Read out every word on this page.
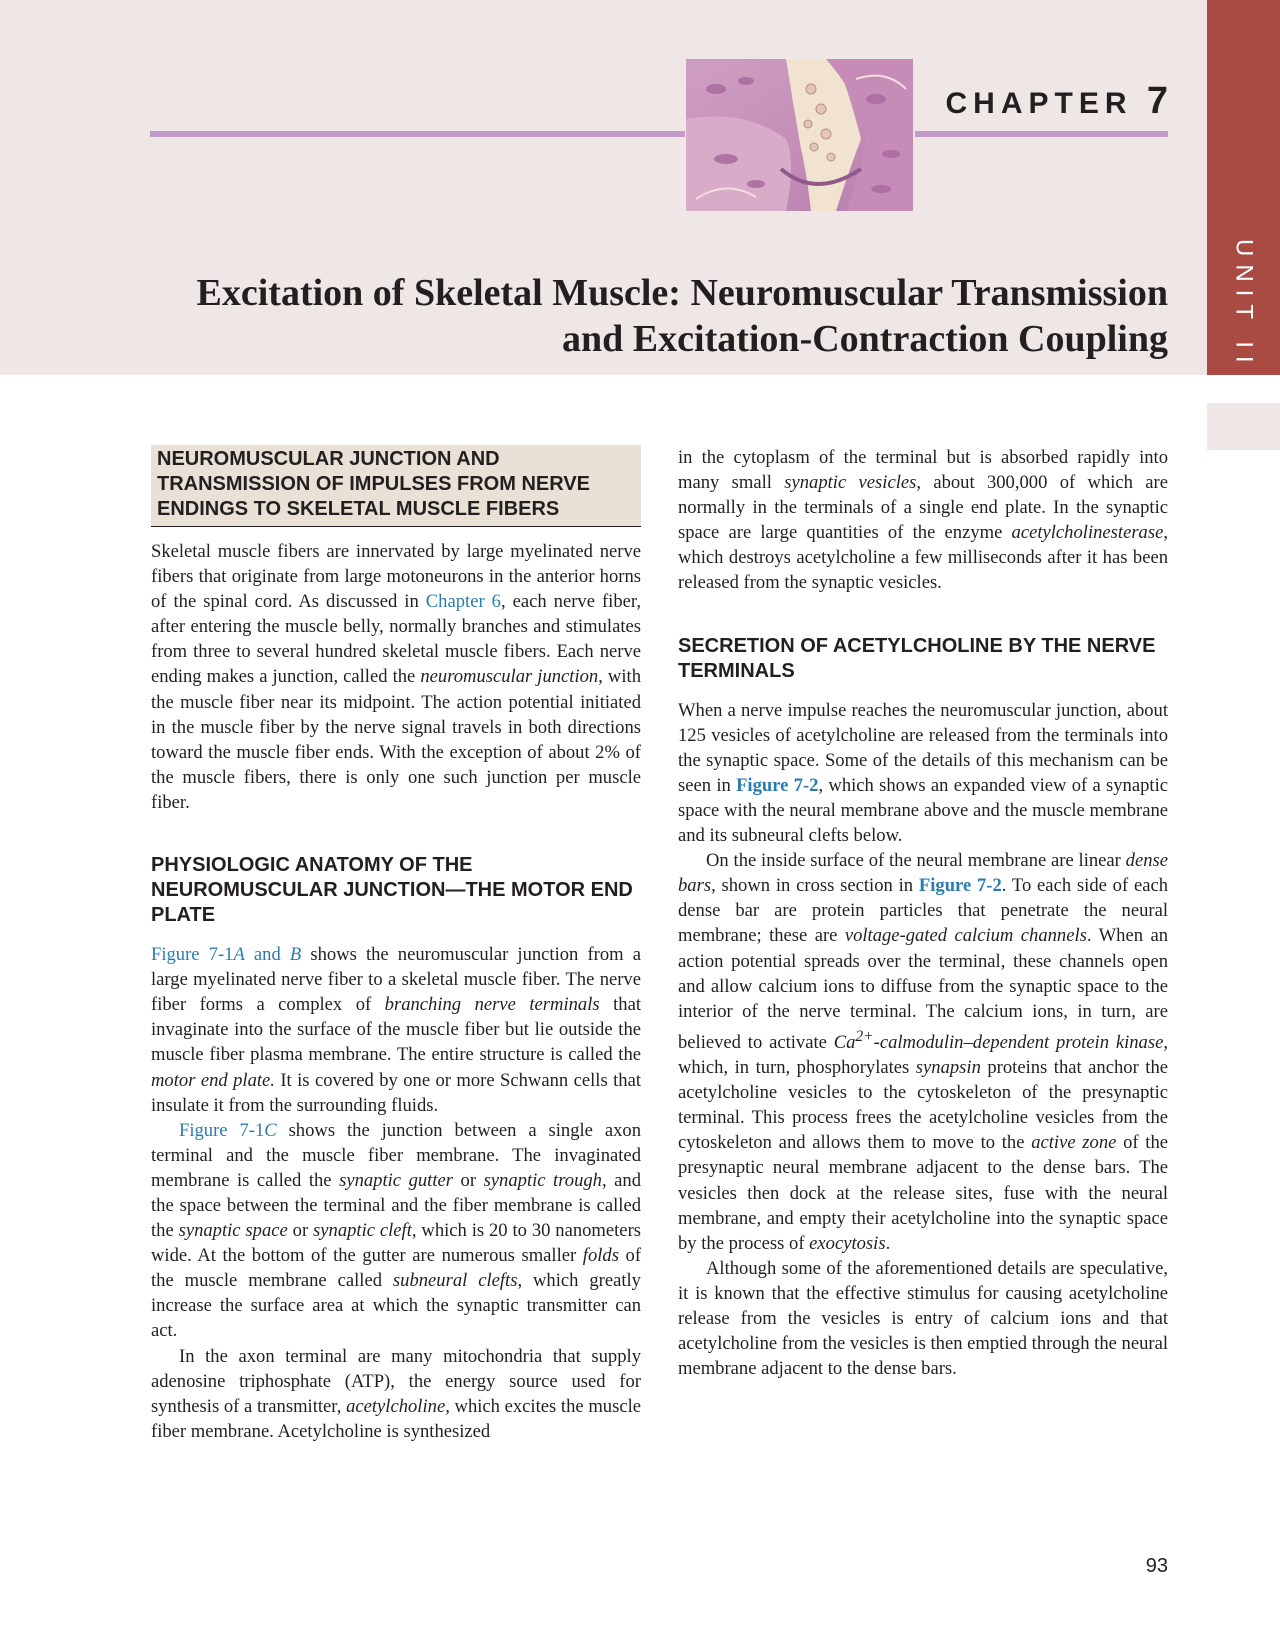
UNIT II
CHAPTER 7
Excitation of Skeletal Muscle: Neuromuscular Transmission
and Excitation-Contraction Coupling
NEUROMUSCULAR JUNCTION AND TRANSMISSION OF IMPULSES FROM NERVE ENDINGS TO SKELETAL MUSCLE FIBERS

Skeletal muscle fibers are innervated by large myelinated nerve fibers that originate from large motoneurons in the anterior horns of the spinal cord. As discussed in Chapter 6, each nerve fiber, after entering the muscle belly, normally branches and stimulates from three to several hundred skeletal muscle fibers. Each nerve ending makes a junction, called the neuromuscular junction, with the muscle fiber near its midpoint. The action potential initiated in the muscle fiber by the nerve signal travels in both directions toward the muscle fiber ends. With the exception of about 2% of the muscle fibers, there is only one such junction per muscle fiber.

PHYSIOLOGIC ANATOMY OF THE NEUROMUSCULAR JUNCTION—THE MOTOR END PLATE

Figure 7-1A and B shows the neuromuscular junction from a large myelinated nerve fiber to a skeletal muscle fiber. The nerve fiber forms a complex of branching nerve terminals that invaginate into the surface of the muscle fiber but lie outside the muscle fiber plasma membrane. The entire structure is called the motor end plate. It is covered by one or more Schwann cells that insulate it from the surrounding fluids.

Figure 7-1C shows the junction between a single axon terminal and the muscle fiber membrane. The invaginated membrane is called the synaptic gutter or synaptic trough, and the space between the terminal and the fiber membrane is called the synaptic space or synaptic cleft, which is 20 to 30 nanometers wide. At the bottom of the gutter are numerous smaller folds of the muscle membrane called subneural clefts, which greatly increase the surface area at which the synaptic transmitter can act.

In the axon terminal are many mitochondria that supply adenosine triphosphate (ATP), the energy source used for synthesis of a transmitter, acetylcholine, which excites the muscle fiber membrane. Acetylcholine is synthesized

in the cytoplasm of the terminal but is absorbed rapidly into many small synaptic vesicles, about 300,000 of which are normally in the terminals of a single end plate. In the synaptic space are large quantities of the enzyme acetylcholinesterase, which destroys acetylcholine a few milliseconds after it has been released from the synaptic vesicles.

SECRETION OF ACETYLCHOLINE BY THE NERVE TERMINALS

When a nerve impulse reaches the neuromuscular junction, about 125 vesicles of acetylcholine are released from the terminals into the synaptic space. Some of the details of this mechanism can be seen in Figure 7-2, which shows an expanded view of a synaptic space with the neural membrane above and the muscle membrane and its subneural clefts below.

On the inside surface of the neural membrane are linear dense bars, shown in cross section in Figure 7-2. To each side of each dense bar are protein particles that penetrate the neural membrane; these are voltage-gated calcium channels. When an action potential spreads over the terminal, these channels open and allow calcium ions to diffuse from the synaptic space to the interior of the nerve terminal. The calcium ions, in turn, are believed to activate $Ca^{2+}-calmodulin$–dependent protein kinase, which, in turn, phosphorylates synapsin proteins that anchor the acetylcholine vesicles to the cytoskeleton of the presynaptic terminal. This process frees the acetylcholine vesicles from the cytoskeleton and allows them to move to the active zone of the presynaptic neural membrane adjacent to the dense bars. The vesicles then dock at the release sites, fuse with the neural membrane, and empty their acetylcholine into the synaptic space by the process of exocytosis.

Although some of the aforementioned details are speculative, it is known that the effective stimulus for causing acetylcholine release from the vesicles is entry of calcium ions and that acetylcholine from the vesicles is then emptied through the neural membrane adjacent to the dense bars.

93
